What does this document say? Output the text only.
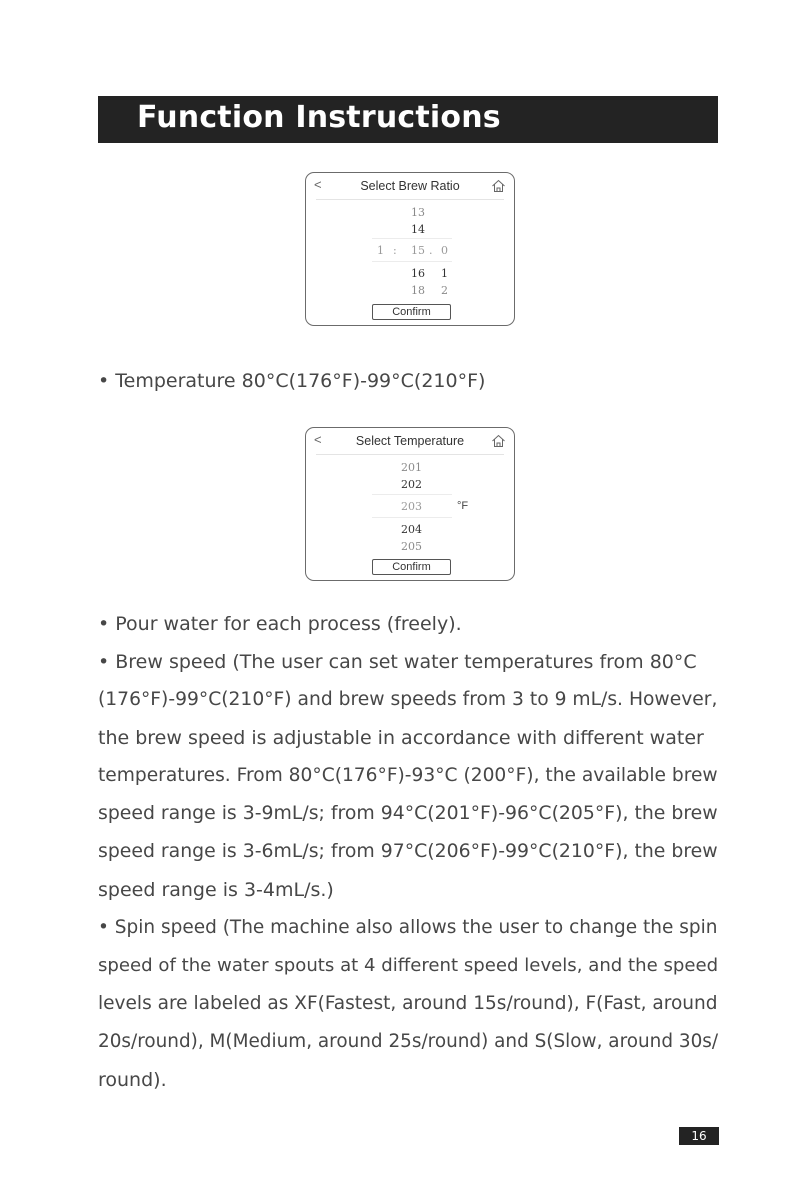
Function Instructions
<	Select Brew Ratio
13
14
1 : 15 . 0
16 1
18 2
Confirm
• Temperature 80°C(176°F)-99°C(210°F)
<	Select Temperature
201
202
203	°F
204
205
Confirm
• Pour water for each process (freely).
• Brew speed (The user can set water temperatures from 80°C
(176°F)-99°C(210°F) and brew speeds from 3 to 9 mL/s. However,
the brew speed is adjustable in accordance with different water
temperatures. From 80°C(176°F)-93°C (200°F), the available brew
speed range is 3-9mL/s; from 94°C(201°F)-96°C(205°F), the brew
speed range is 3-6mL/s; from 97°C(206°F)-99°C(210°F), the brew
speed range is 3-4mL/s.)
• Spin speed (The machine also allows the user to change the spin
speed of the water spouts at 4 different speed levels, and the speed
levels are labeled as XF(Fastest, around 15s/round), F(Fast, around
20s/round), M(Medium, around 25s/round) and S(Slow, around 30s/
round).
16
